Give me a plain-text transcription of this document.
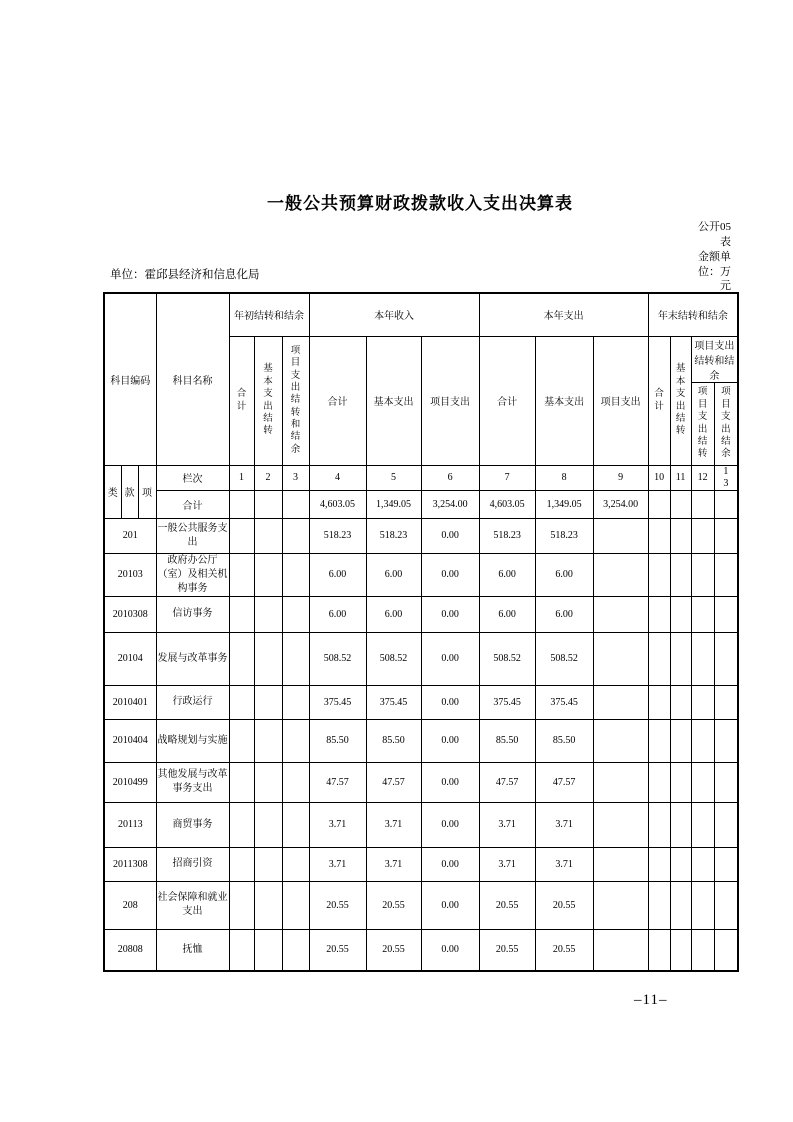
一般公共预算财政拨款收入支出决算表
公开05表
金额单位：万元
单位：霍邱县经济和信息化局
科目编码			科目名称	年初结转和结余			本年收入			本年支出			年末结转和结余			
				合计	基本支出结转	项目支出结转和结余	合计	基本支出	项目支出	合计	基本支出	项目支出	合计	基本支出结转	项目支出结转和结余	
															项目支出结转	项目支出结余
类	款	项	栏次	1	2	3	4	5	6	7	8	9	10	11	12	13
			合计				4,603.05	1,349.05	3,254.00	4,603.05	1,349.05	3,254.00				
201			一般公共服务支出				518.23	518.23	0.00	518.23	518.23					
20103			政府办公厅（室）及相关机构事务				6.00	6.00	0.00	6.00	6.00					
2010308			信访事务				6.00	6.00	0.00	6.00	6.00					
20104			发展与改革事务				508.52	508.52	0.00	508.52	508.52					
2010401			行政运行				375.45	375.45	0.00	375.45	375.45					
2010404			战略规划与实施				85.50	85.50	0.00	85.50	85.50					
2010499			其他发展与改革事务支出				47.57	47.57	0.00	47.57	47.57					
20113			商贸事务				3.71	3.71	0.00	3.71	3.71					
2011308			招商引资				3.71	3.71	0.00	3.71	3.71					
208			社会保障和就业支出				20.55	20.55	0.00	20.55	20.55					
20808			抚恤				20.55	20.55	0.00	20.55	20.55					
–11–
